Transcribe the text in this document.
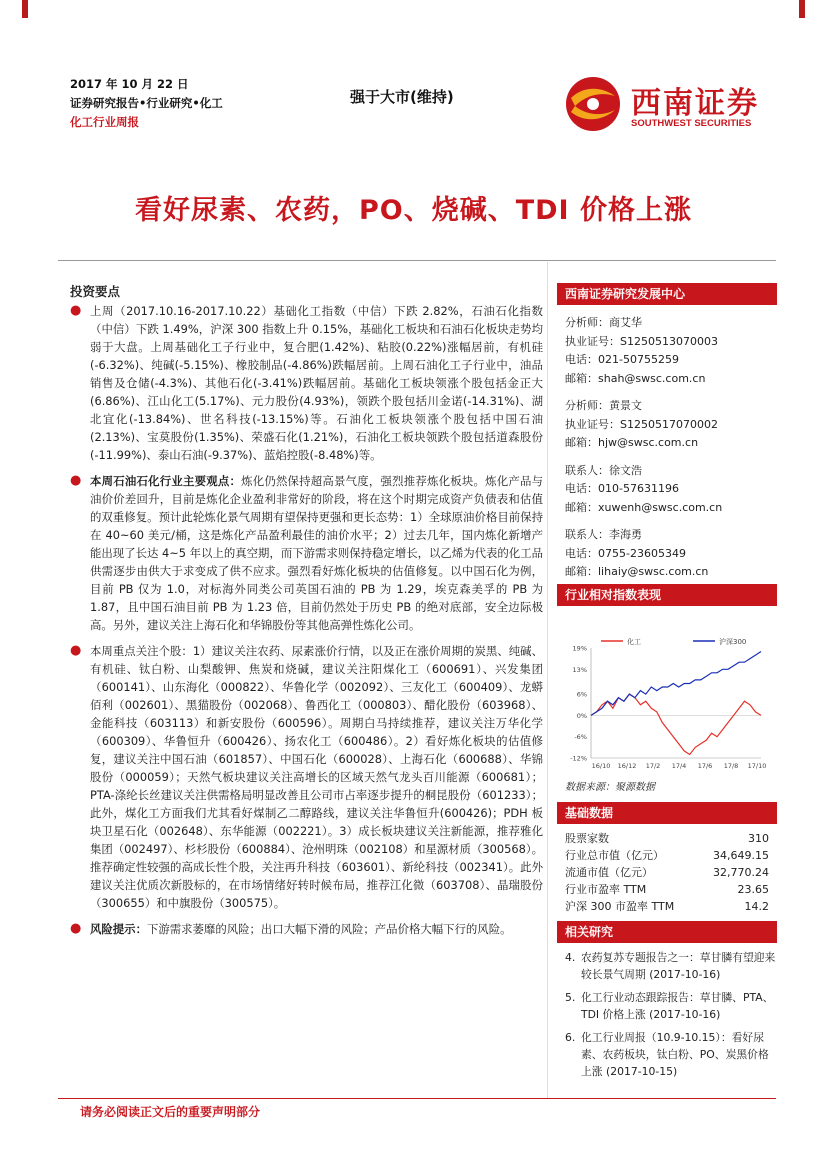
2017 年 10 月 22 日
证券研究报告•行业研究•化工
化工行业周报
强于大市(维持)	西南证券
SOUTHWEST SECURITIES
看好尿素、农药，PO、烧碱、TDI 价格上涨
投资要点
● 上周（2017.10.16-2017.10.22）基础化工指数（中信）下跌 2.82%，石油石化指数（中信）下跌 1.49%，沪深 300 指数上升 0.15%，基础化工板块和石油石化板块走势均弱于大盘。上周基础化工子行业中，复合肥(1.42%)、粘胶(0.22%)涨幅居前，有机硅(-6.32%)、纯碱(-5.15%)、橡胶制品(-4.86%)跌幅居前。上周石油化工子行业中，油品销售及仓储(-4.3%)、其他石化(-3.41%)跌幅居前。基础化工板块领涨个股包括金正大(6.86%)、江山化工(5.17%)、元力股份(4.93%)，领跌个股包括川金诺(-14.31%)、湖北宜化(-13.84%)、世名科技(-13.15%)等。石油化工板块领涨个股包括中国石油(2.13%)、宝莫股份(1.35%)、荣盛石化(1.21%)，石油化工板块领跌个股包括道森股份(-11.99%)、泰山石油(-9.37%)、蓝焰控股(-8.48%)等。
● 本周石油石化行业主要观点：炼化仍然保持超高景气度，强烈推荐炼化板块。炼化产品与油价价差回升，目前是炼化企业盈利非常好的阶段，将在这个时期完成资产负债表和估值的双重修复。预计此轮炼化景气周期有望保持更强和更长态势：1）全球原油价格目前保持在 40~60 美元/桶，这是炼化产品盈利最佳的油价水平；2）过去几年，国内炼化新增产能出现了长达 4~5 年以上的真空期，而下游需求则保持稳定增长，以乙烯为代表的化工品供需逐步由供大于求变成了供不应求。强烈看好炼化板块的估值修复。以中国石化为例，目前 PB 仅为 1.0，对标海外同类公司英国石油的 PB 为 1.29，埃克森美孚的 PB 为 1.87，且中国石油目前 PB 为 1.23 倍，目前仍然处于历史 PB 的绝对底部，安全边际极高。另外，建议关注上海石化和华锦股份等其他高弹性炼化公司。
● 本周重点关注个股：1）建议关注农药、尿素涨价行情，以及正在涨价周期的炭黑、纯碱、有机硅、钛白粉、山梨酸钾、焦炭和烧碱，建议关注阳煤化工（600691）、兴发集团（600141）、山东海化（000822）、华鲁化学（002092）、三友化工（600409）、龙蟒佰利（002601）、黑猫股份（002068）、鲁西化工（000803）、醋化股份（603968）、金能科技（603113）和新安股份（600596）。周期白马持续推荐，建议关注万华化学（600309）、华鲁恒升（600426）、扬农化工（600486）。2）看好炼化板块的估值修复，建议关注中国石油（601857）、中国石化（600028）、上海石化（600688）、华锦股份（000059）；天然气板块建议关注高增长的区域天然气龙头百川能源（600681）；PTA-涤纶长丝建议关注供需格局明显改善且公司市占率逐步提升的桐昆股份（601233）；此外，煤化工方面我们尤其看好煤制乙二醇路线，建议关注华鲁恒升(600426)；PDH 板块卫星石化（002648）、东华能源（002221）。3）成长板块建议关注新能源，推荐雅化集团（002497）、杉杉股份（600884）、沧州明珠（002108）和星源材质（300568）。推荐确定性较强的高成长性个股，关注再升科技（603601）、新纶科技（002341）。此外建议关注优质次新股标的，在市场情绪好转时候布局，推荐江化微（603708）、晶瑞股份（300655）和中旗股份（300575）。
● 风险提示：下游需求萎靡的风险；出口大幅下滑的风险；产品价格大幅下行的风险。
西南证券研究发展中心
分析师：商艾华
执业证号：S1250513070003
电话：021-50755259
邮箱：shah@swsc.com.cn
分析师：黄景文
执业证号：S1250517070002
邮箱：hjw@swsc.com.cn
联系人：徐文浩
电话：010-57631196
邮箱：xuwenh@swsc.com.cn
联系人：李海勇
电话：0755-23605349
邮箱：lihaiy@swsc.com.cn
行业相对指数表现
化工	沪深300
19%
13%
6%
0%
-6%
-12%
16/10 16/12 17/2 17/4 17/6 17/8 17/10
数据来源：聚源数据
基础数据
股票家数	310
行业总市值（亿元）	34,649.15
流通市值（亿元）	32,770.24
行业市盈率 TTM	23.65
沪深 300 市盈率 TTM	14.2
相关研究
4. 农药复苏专题报告之一：草甘膦有望迎来较长景气周期 (2017-10-16)
5. 化工行业动态跟踪报告：草甘膦、PTA、TDI 价格上涨 (2017-10-16)
6. 化工行业周报（10.9-10.15）：看好尿素、农药板块，钛白粉、PO、炭黑价格上涨 (2017-10-15)
请务必阅读正文后的重要声明部分
